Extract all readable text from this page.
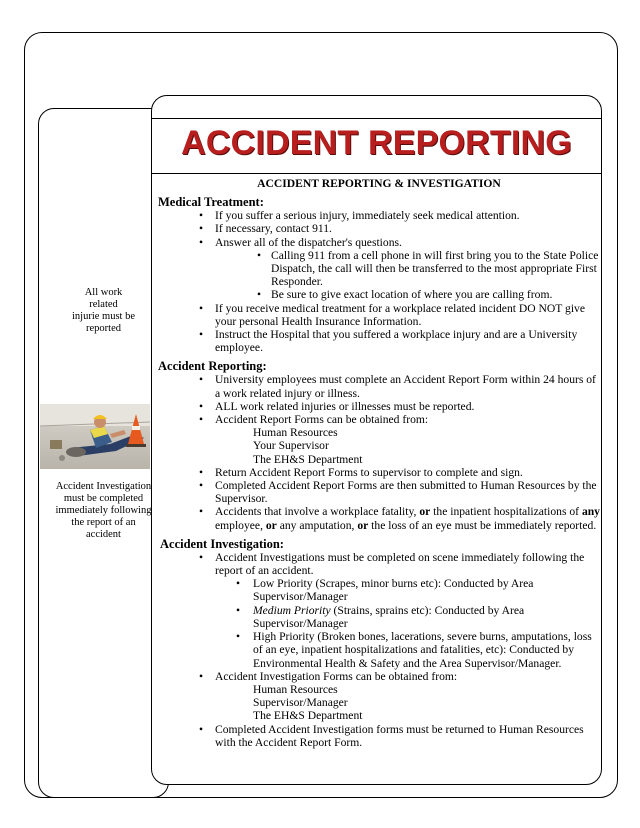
All work
related
injurie must be
reported
Accident Investigation
must be completed
immediately following
the report of an
accident
ACCIDENT REPORTING
ACCIDENT REPORTING & INVESTIGATION
Medical Treatment:
• If you suffer a serious injury, immediately seek medical attention.
• If necessary, contact 911.
• Answer all of the dispatcher's questions.
• Calling 911 from a cell phone in will first bring you to the State Police Dispatch, the call will then be transferred to the most appropriate First Responder.
• Be sure to give exact location of where you are calling from.
• If you receive medical treatment for a workplace related incident DO NOT give your personal Health Insurance Information.
• Instruct the Hospital that you suffered a workplace injury and are a University employee.
Accident Reporting:
• University employees must complete an Accident Report Form within 24 hours of a work related injury or illness.
• ALL work related injuries or illnesses must be reported.
• Accident Report Forms can be obtained from:
Human Resources
Your Supervisor
The EH&S Department
• Return Accident Report Forms to supervisor to complete and sign.
• Completed Accident Report Forms are then submitted to Human Resources by the Supervisor.
• Accidents that involve a workplace fatality, or the inpatient hospitalizations of any employee, or any amputation, or the loss of an eye must be immediately reported.
Accident Investigation:
• Accident Investigations must be completed on scene immediately following the report of an accident.
• Low Priority (Scrapes, minor burns etc): Conducted by Area Supervisor/Manager
• Medium Priority (Strains, sprains etc): Conducted by Area Supervisor/Manager
• High Priority (Broken bones, lacerations, severe burns, amputations, loss of an eye, inpatient hospitalizations and fatalities, etc): Conducted by Environmental Health & Safety and the Area Supervisor/Manager.
• Accident Investigation Forms can be obtained from:
Human Resources
Supervisor/Manager
The EH&S Department
• Completed Accident Investigation forms must be returned to Human Resources with the Accident Report Form.
